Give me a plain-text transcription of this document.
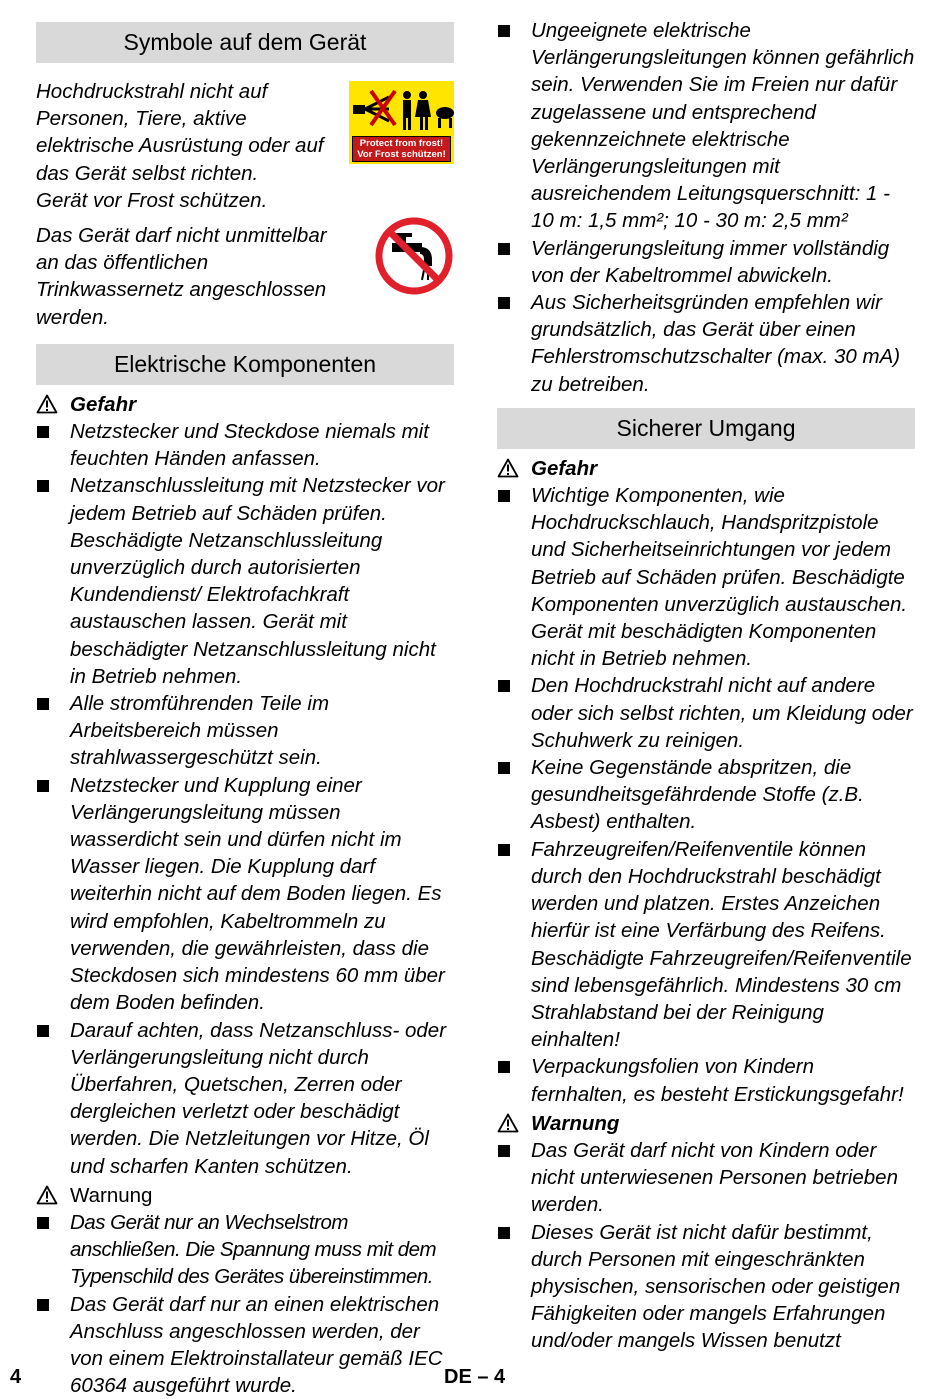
Symbole auf dem Gerät

Hochdruckstrahl nicht auf Personen, Tiere, aktive elektrische Ausrüstung oder auf das Gerät selbst richten.

Gerät vor Frost schützen.

Protect from frost!
Vor Frost schützen!

Das Gerät darf nicht unmittelbar an das öffentlichen Trinkwassernetz angeschlossen werden.

Elektrische Komponenten
Gefahr
Netzstecker und Steckdose niemals mit feuchten Händen anfassen.
Netzanschlussleitung mit Netzstecker vor jedem Betrieb auf Schäden prüfen. Beschädigte Netzanschlussleitung unverzüglich durch autorisierten Kundendienst/ Elektrofachkraft austauschen lassen. Gerät mit beschädigter Netzanschlussleitung nicht in Betrieb nehmen.
Alle stromführenden Teile im Arbeitsbereich müssen strahlwassergeschützt sein.
Netzstecker und Kupplung einer Verlängerungsleitung müssen wasserdicht sein und dürfen nicht im Wasser liegen. Die Kupplung darf weiterhin nicht auf dem Boden liegen. Es wird empfohlen, Kabeltrommeln zu verwenden, die gewährleisten, dass die Steckdosen sich mindestens 60 mm über dem Boden befinden.
Darauf achten, dass Netzanschluss- oder Verlängerungsleitung nicht durch Überfahren, Quetschen, Zerren oder dergleichen verletzt oder beschädigt werden. Die Netzleitungen vor Hitze, Öl und scharfen Kanten schützen.
Warnung
Das Gerät nur an Wechselstrom anschließen. Die Spannung muss mit dem Typenschild des Gerätes übereinstimmen.
Das Gerät darf nur an einen elektrischen Anschluss angeschlossen werden, der von einem Elektroinstallateur gemäß IEC 60364 ausgeführt wurde.
Ungeeignete elektrische Verlängerungsleitungen können gefährlich sein. Verwenden Sie im Freien nur dafür zugelassene und entsprechend gekennzeichnete elektrische Verlängerungsleitungen mit ausreichendem Leitungsquerschnitt: 1 - 10 m: 1,5 mm²; 10 - 30 m: 2,5 mm²
Verlängerungsleitung immer vollständig von der Kabeltrommel abwickeln.
Aus Sicherheitsgründen empfehlen wir grundsätzlich, das Gerät über einen Fehlerstromschutzschalter (max. 30 mA) zu betreiben.
Sicherer Umgang
Gefahr
Wichtige Komponenten, wie Hochdruckschlauch, Handspritzpistole und Sicherheitseinrichtungen vor jedem Betrieb auf Schäden prüfen. Beschädigte Komponenten unverzüglich austauschen. Gerät mit beschädigten Komponenten nicht in Betrieb nehmen.
Den Hochdruckstrahl nicht auf andere oder sich selbst richten, um Kleidung oder Schuhwerk zu reinigen.
Keine Gegenstände abspritzen, die gesundheitsgefährdende Stoffe (z.B. Asbest) enthalten.
Fahrzeugreifen/Reifenventile können durch den Hochdruckstrahl beschädigt werden und platzen. Erstes Anzeichen hierfür ist eine Verfärbung des Reifens. Beschädigte Fahrzeugreifen/Reifenventile sind lebensgefährlich. Mindestens 30 cm Strahlabstand bei der Reinigung einhalten!
Verpackungsfolien von Kindern fernhalten, es besteht Erstickungsgefahr!
Warnung
Das Gerät darf nicht von Kindern oder nicht unterwiesenen Personen betrieben werden.
Dieses Gerät ist nicht dafür bestimmt, durch Personen mit eingeschränkten physischen, sensorischen oder geistigen Fähigkeiten oder mangels Erfahrungen und/oder mangels Wissen benutzt
4	DE – 4
